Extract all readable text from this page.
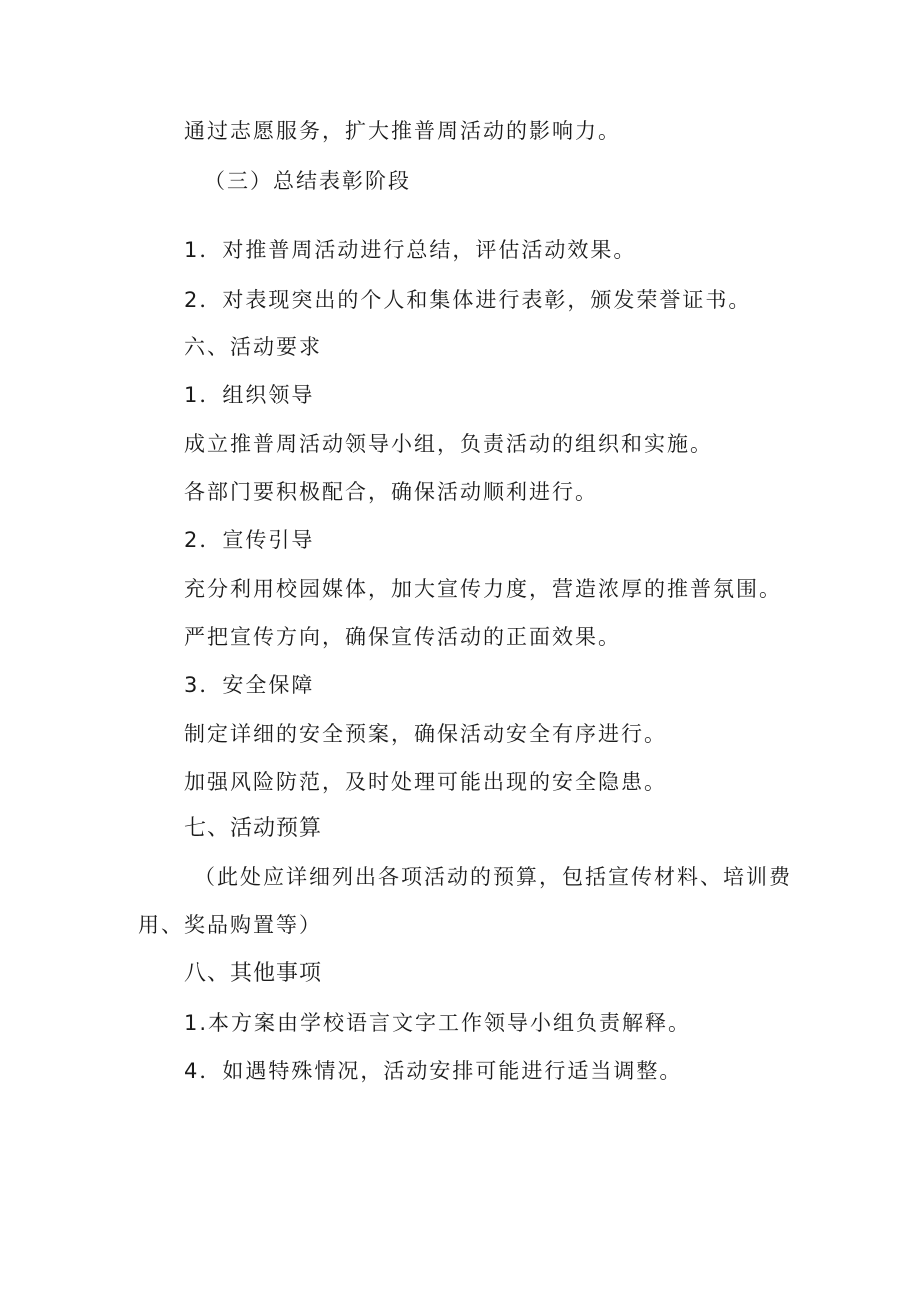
通过志愿服务，扩大推普周活动的影响力。
（三）总结表彰阶段
1．对推普周活动进行总结，评估活动效果。
2．对表现突出的个人和集体进行表彰，颁发荣誉证书。
六、活动要求
1．组织领导
成立推普周活动领导小组，负责活动的组织和实施。
各部门要积极配合，确保活动顺利进行。
2．宣传引导
充分利用校园媒体，加大宣传力度，营造浓厚的推普氛围。
严把宣传方向，确保宣传活动的正面效果。
3．安全保障
制定详细的安全预案，确保活动安全有序进行。
加强风险防范，及时处理可能出现的安全隐患。
七、活动预算
（此处应详细列出各项活动的预算，包括宣传材料、培训费
用、奖品购置等）
八、其他事项
1.本方案由学校语言文字工作领导小组负责解释。
4．如遇特殊情况，活动安排可能进行适当调整。
